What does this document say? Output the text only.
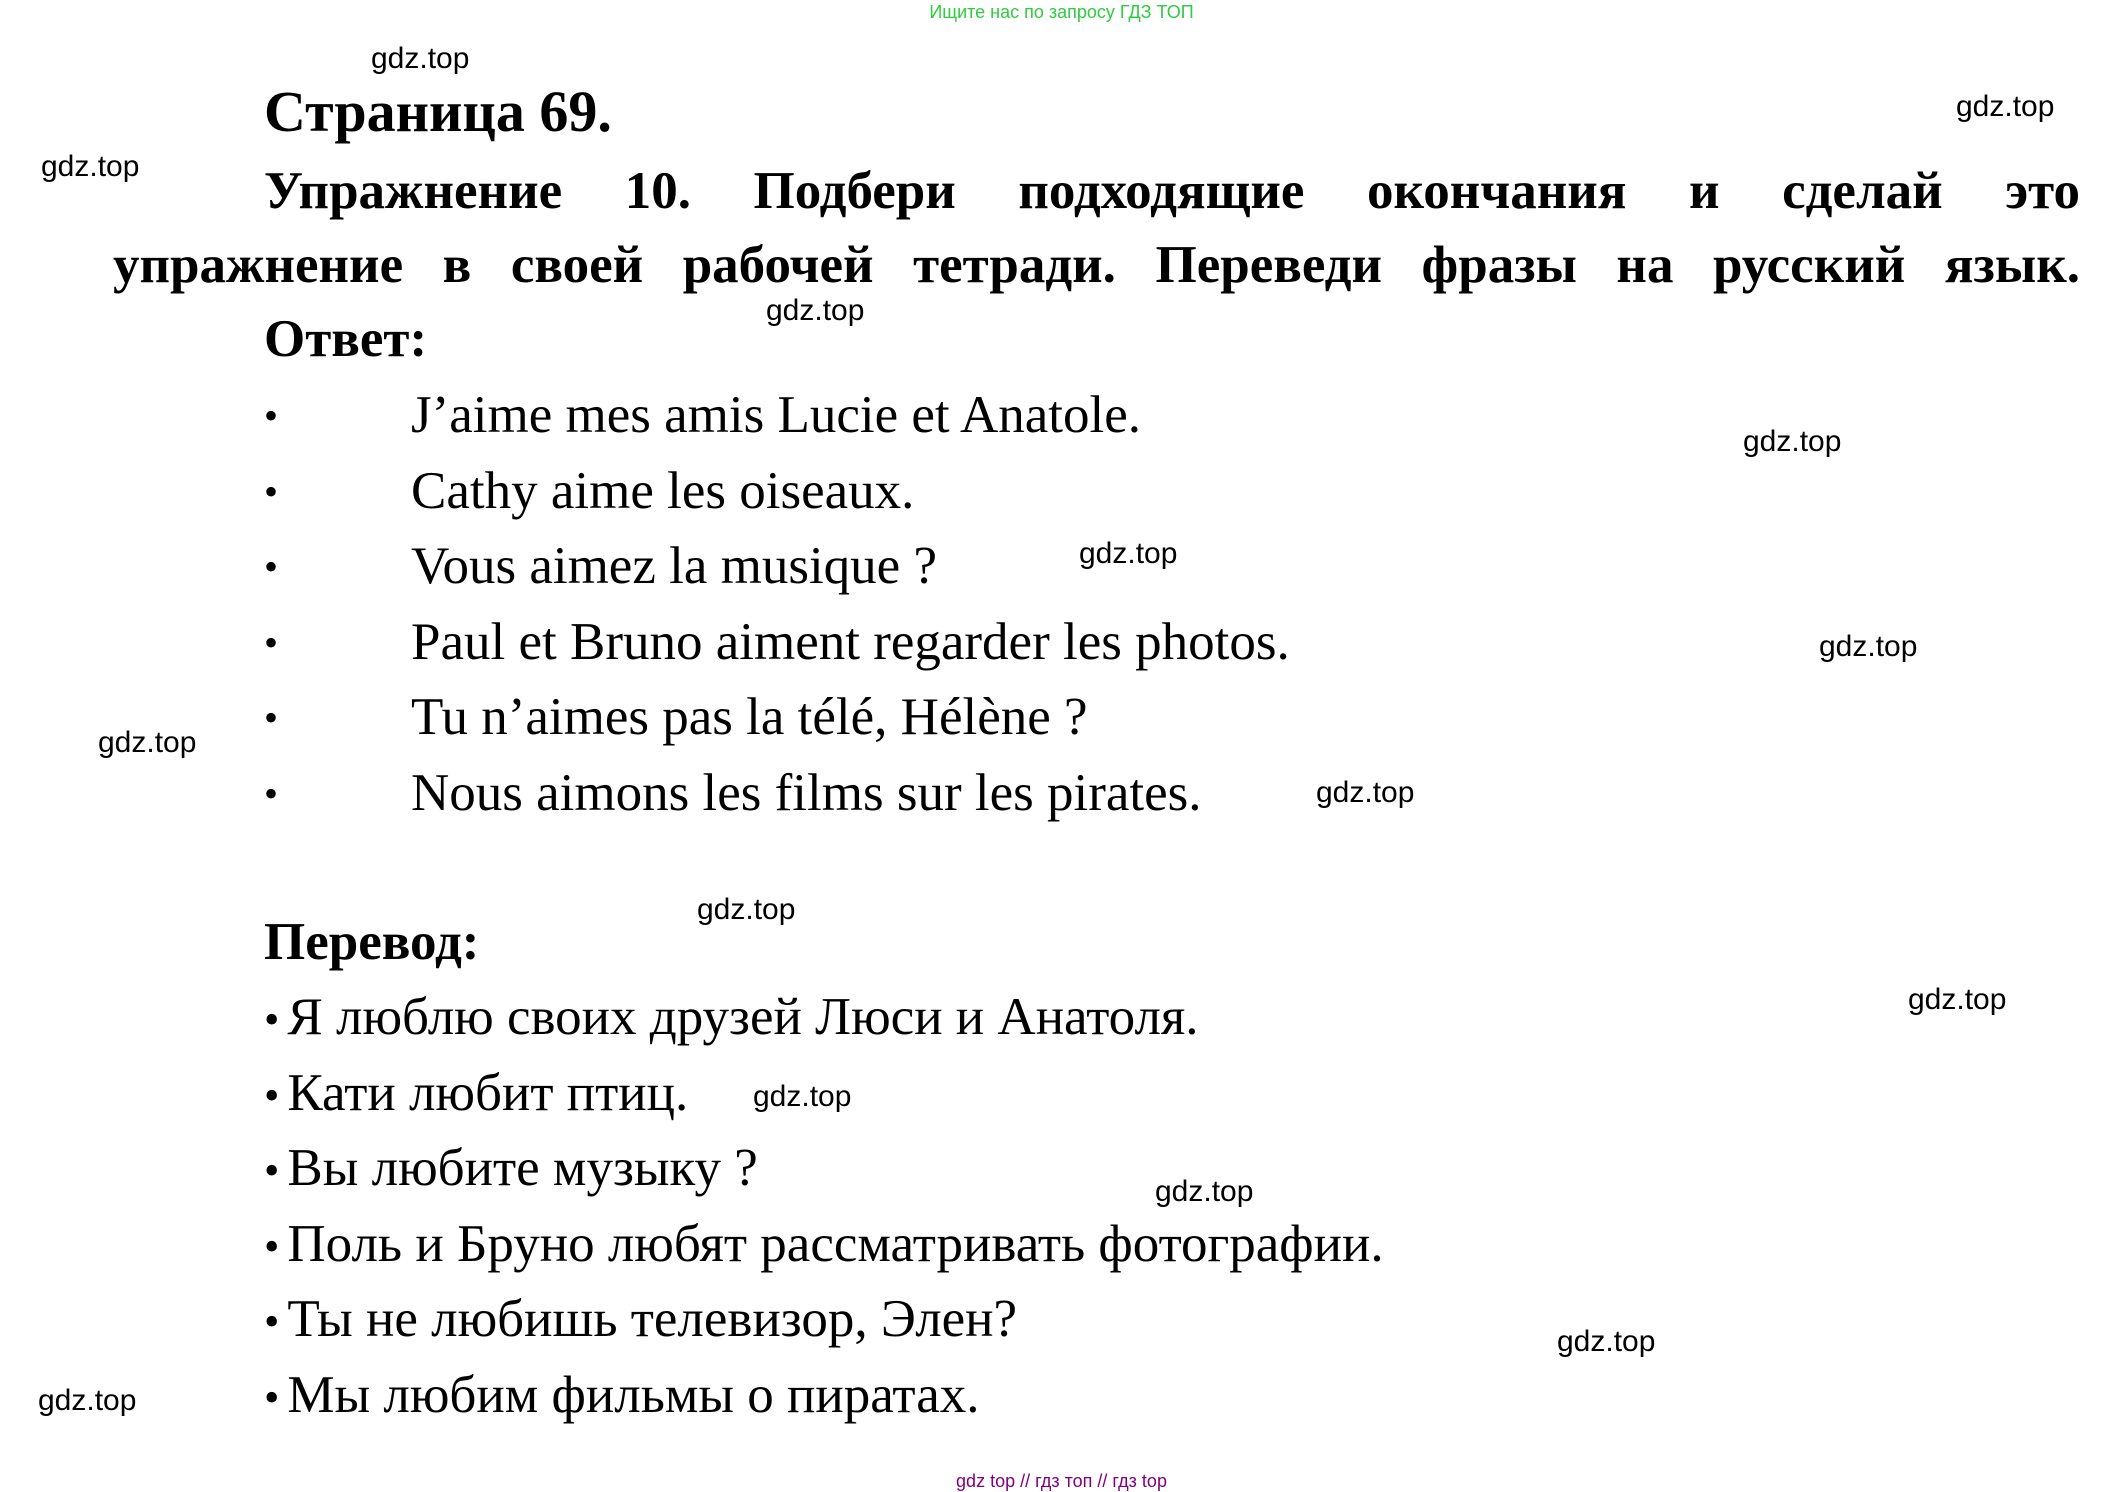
Ищите нас по запросу ГДЗ ТОП
Страница 69.

Упражнение 10. Подбери подходящие окончания и сделай это
упражнение в своей рабочей тетради. Переведи фразы на русский язык.

Ответ:
•	J’aime mes amis Lucie et Anatole.
•	Cathy aime les oiseaux.
•	Vous aimez la musique ?
•	Paul et Bruno aiment regarder les photos.
•	Tu n’aimes pas la télé, Hélène ?
•	Nous aimons les films sur les pirates.
Перевод:
• Я люблю своих друзей Люси и Анатоля.
• Кати любит птиц.
• Вы любите музыку ?
• Поль и Бруно любят рассматривать фотографии.
• Ты не любишь телевизор, Элен?
• Мы любим фильмы о пиратах.
gdz.top
gdz.top
gdz.top
gdz.top
gdz.top
gdz.top
gdz.top
gdz.top
gdz.top
gdz.top
gdz.top
gdz.top
gdz.top
gdz.top
gdz.top
gdz top // гдз топ // гдз top
